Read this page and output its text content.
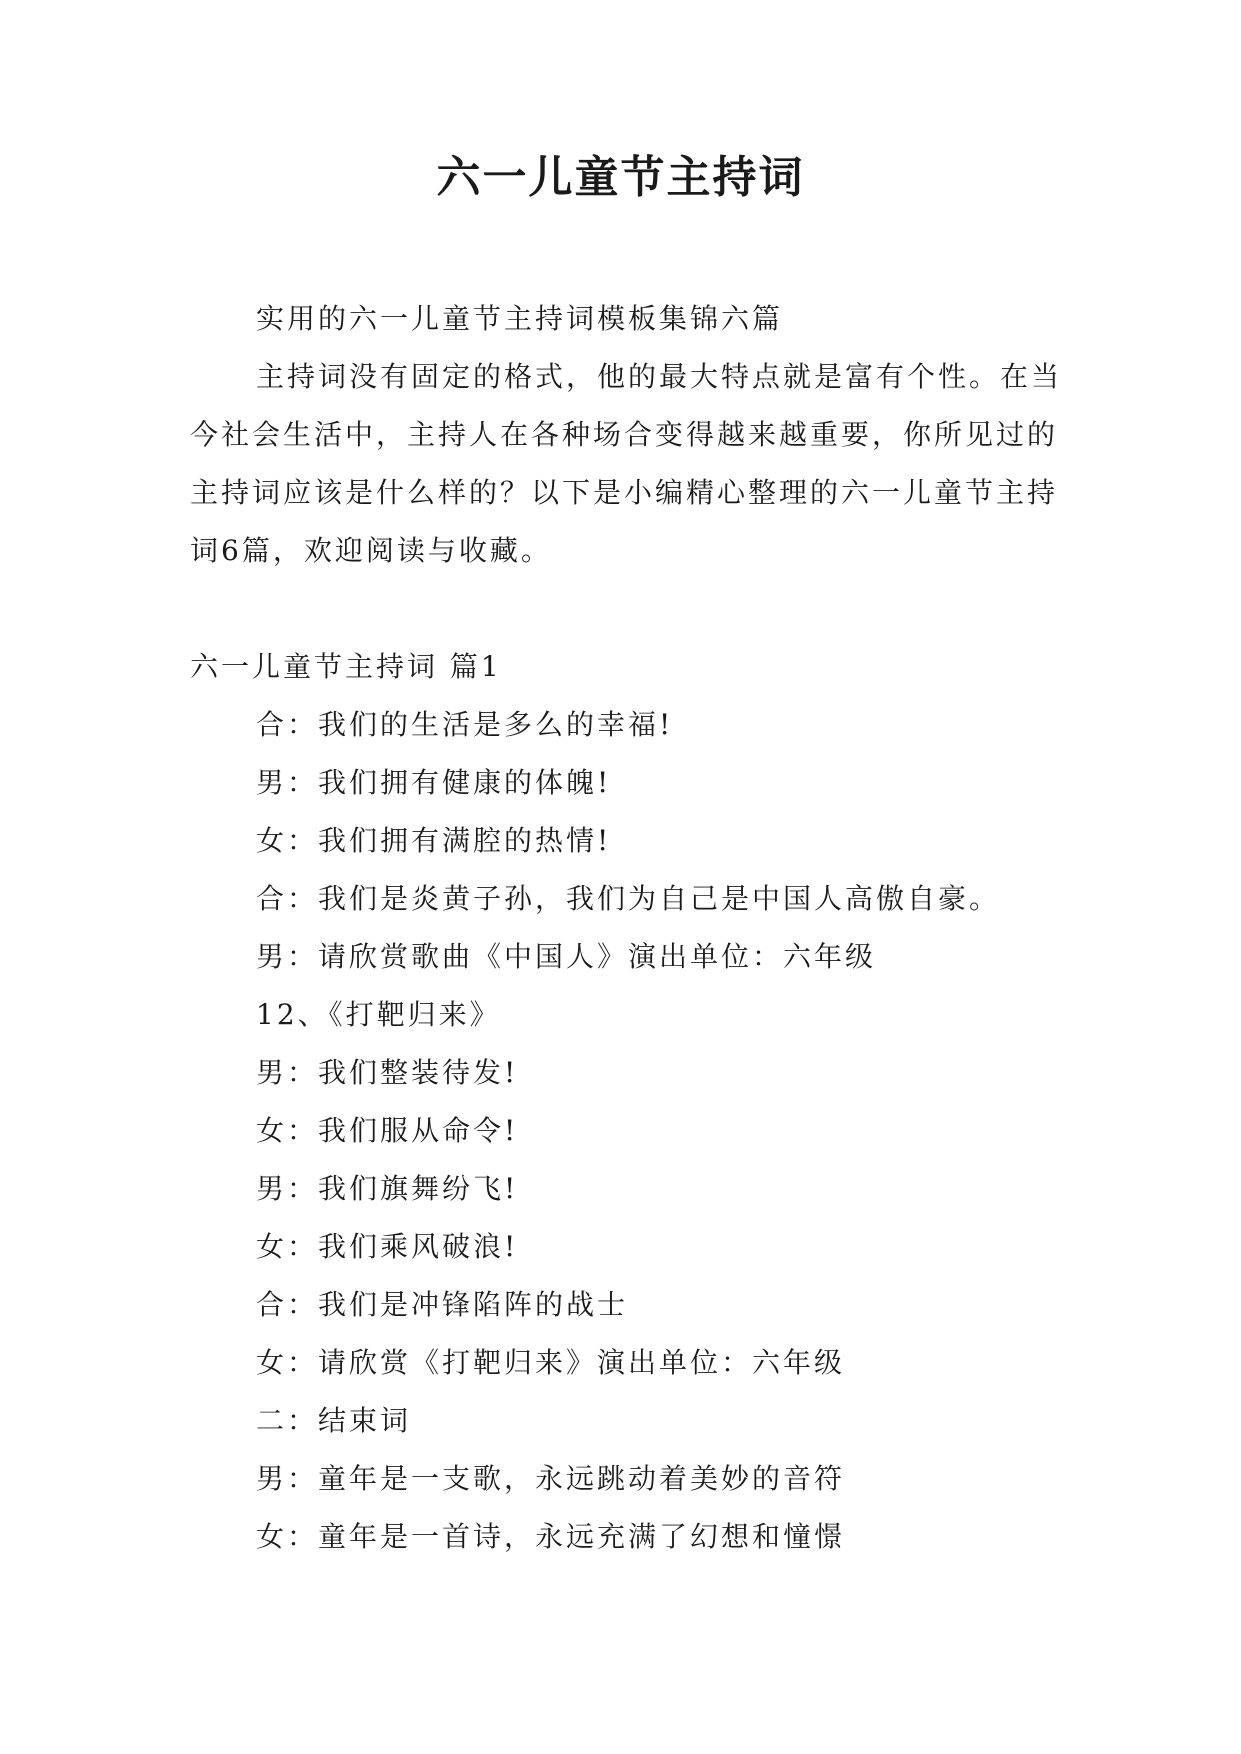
六一儿童节主持词

实用的六一儿童节主持词模板集锦六篇

主持词没有固定的格式，他的最大特点就是富有个性。在当今社会生活中，主持人在各种场合变得越来越重要，你所见过的主持词应该是什么样的？以下是小编精心整理的六一儿童节主持词6篇，欢迎阅读与收藏。

六一儿童节主持词 篇1

合：我们的生活是多么的幸福!
男：我们拥有健康的体魄!
女：我们拥有满腔的热情!
合：我们是炎黄子孙，我们为自己是中国人高傲自豪。
男：请欣赏歌曲《中国人》演出单位：六年级
12、《打靶归来》
男：我们整装待发!
女：我们服从命令!
男：我们旗舞纷飞!
女：我们乘风破浪!
合：我们是冲锋陷阵的战士
女：请欣赏《打靶归来》演出单位：六年级
二：结束词
男：童年是一支歌，永远跳动着美妙的音符
女：童年是一首诗，永远充满了幻想和憧憬
